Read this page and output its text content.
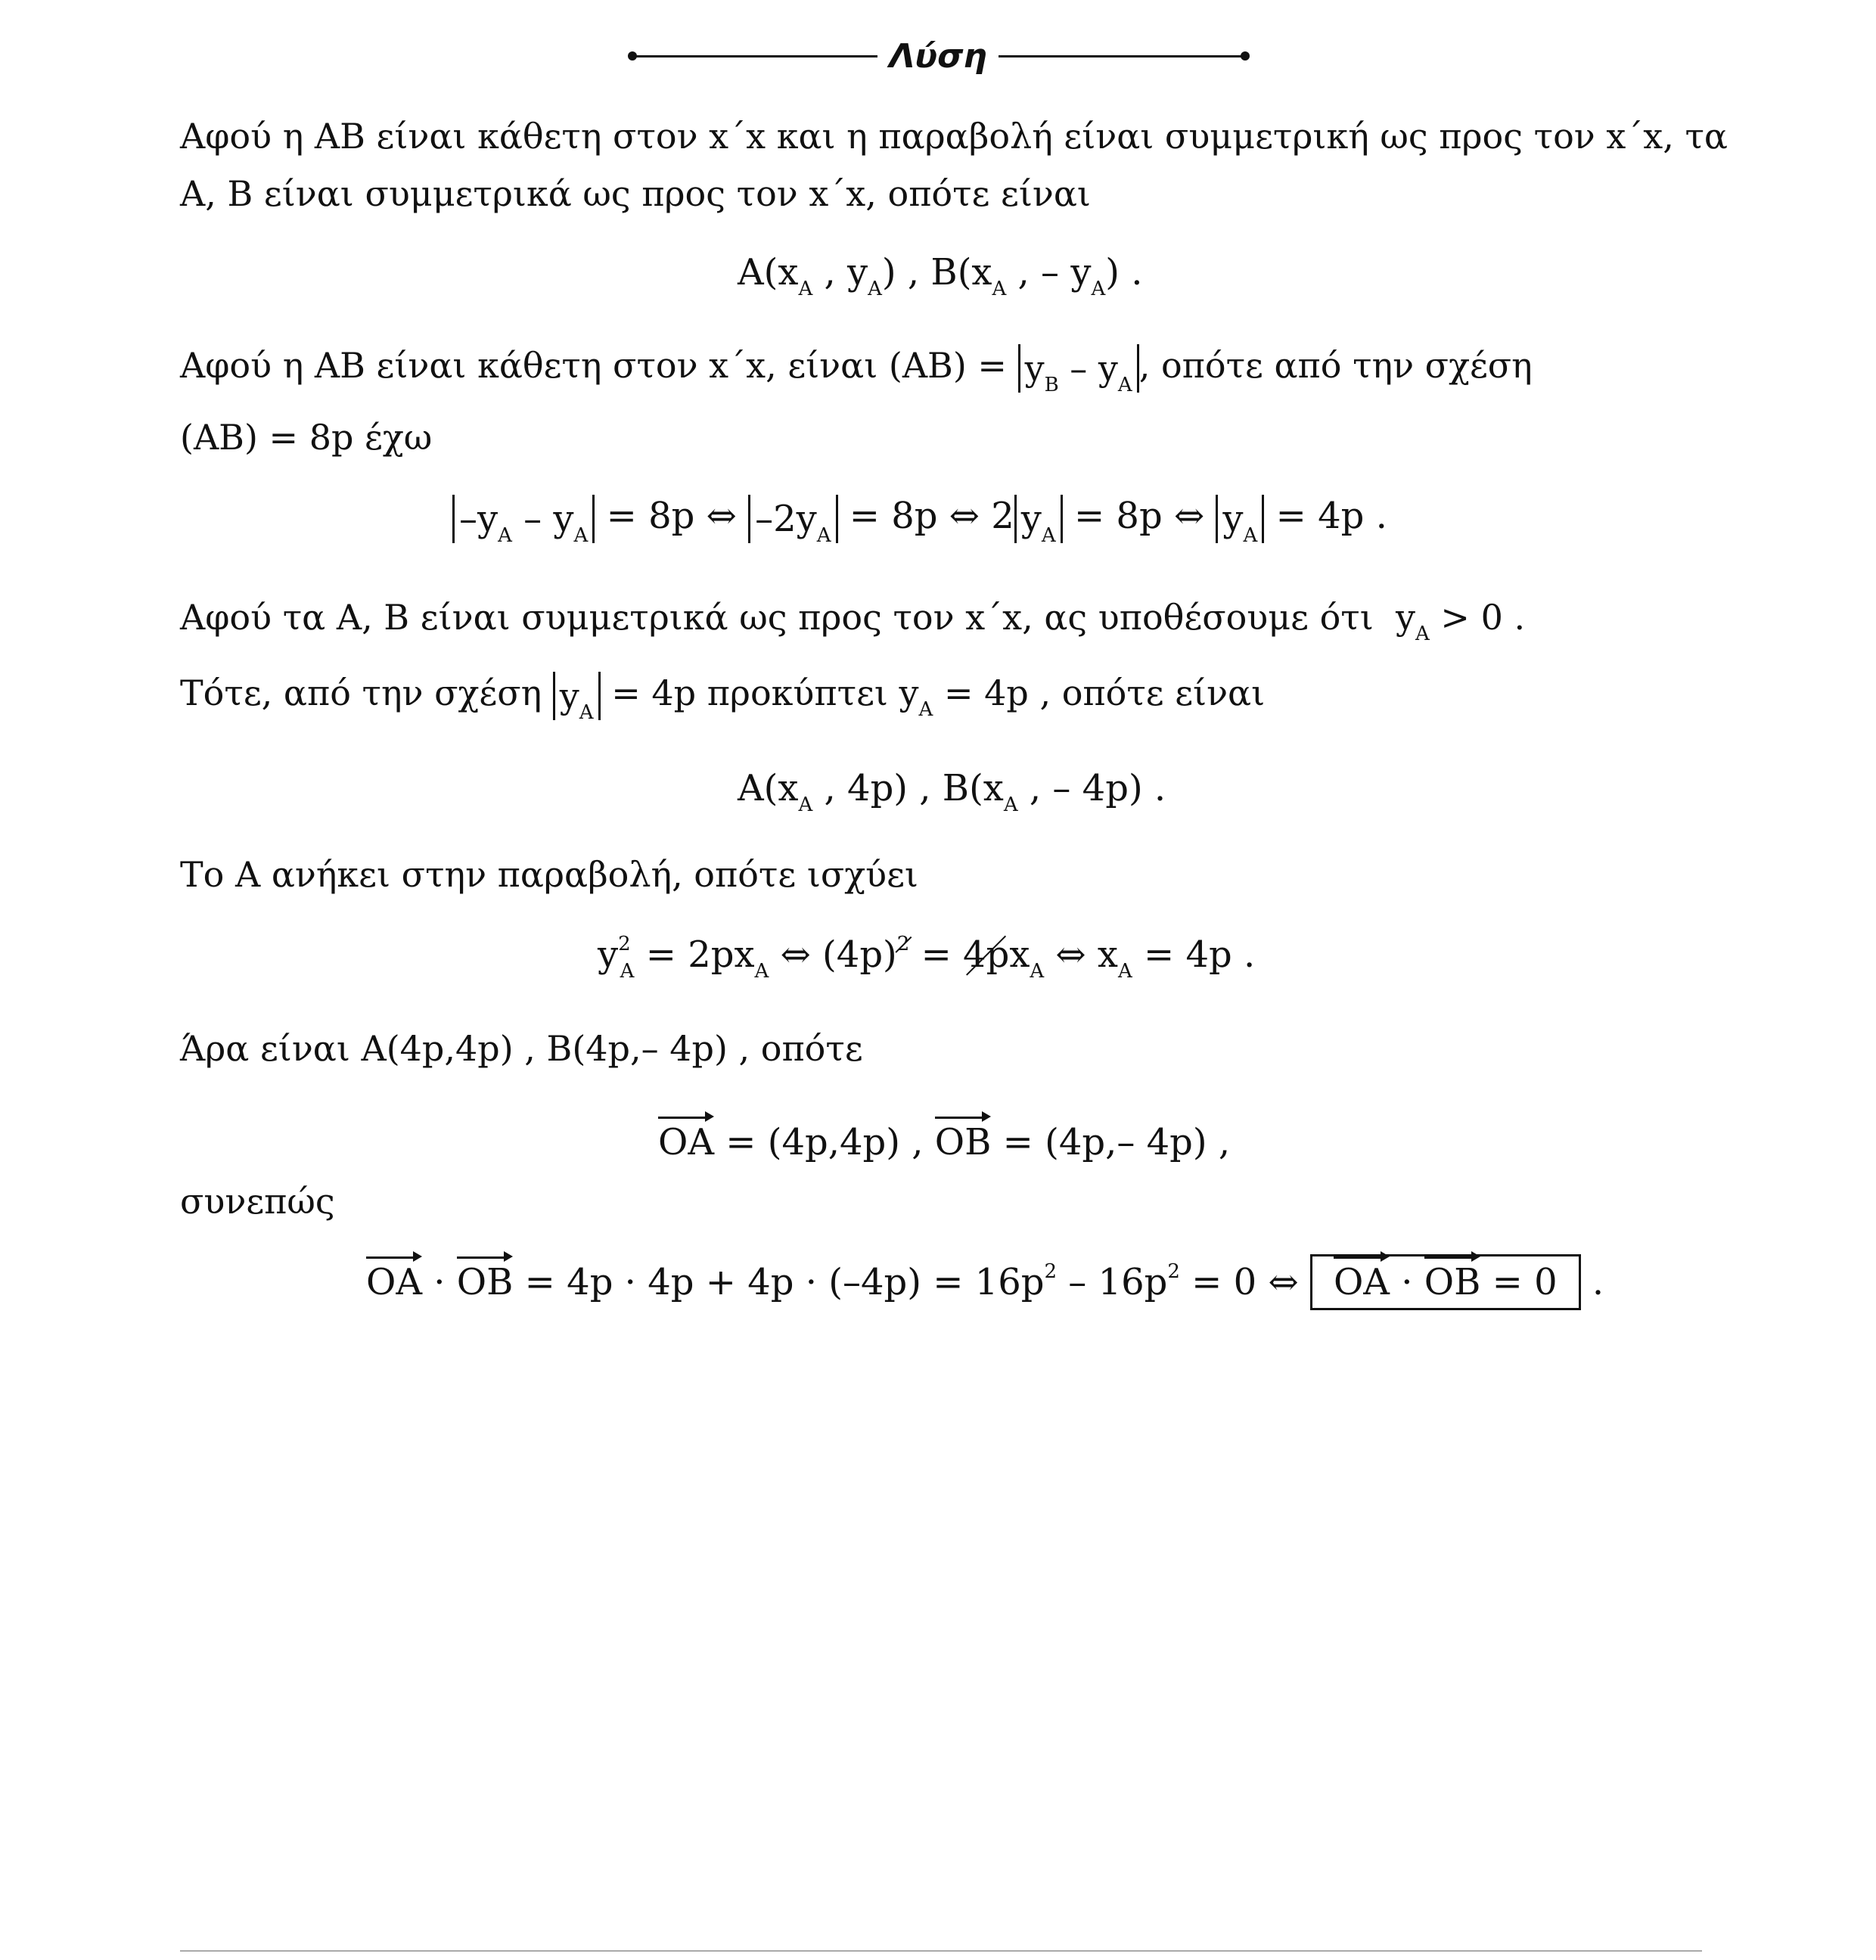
Λύση
Αφού η ΑΒ είναι κάθετη στον x΄x και η παραβολή είναι συμμετρική ως προς τον x΄x, τα
Α, Β είναι συμμετρικά ως προς τον x΄x, οπότε είναι
$A(x_A$ , $y_A$) , $B(x_A$ , – $y_A$) .
Αφού η ΑΒ είναι κάθετη στον x΄x, είναι $(AB) = y_B - y_A$ , οπότε από την σχέση
(AB) = 8p έχω
$-y_A - y_A = 8p$ ⇔ $-2y_A = 8p$ ⇔ 2 $y_A = 8p$ ⇔ $y_A = 4p$ .
Αφού τα Α, Β είναι συμμετρικά ως προς τον x΄x, ας υποθέσουμε ότι  $y_A > 0$ .
Τότε, από την σχέση $y_A = 4p$ προκύπτει $y_A = 4p$ , οπότε είναι
$A(x_A$ , 4p) , $B(x_A$ , – 4p) .
Το Α ανήκει στην παραβολή, οπότε ισχύει
$y^2_A = 2px_A$ ⇔ $(4p)2 = 4px_A$ ⇔ $x_A = 4p$ .
Άρα είναι A(4p,4p) , B(4p,– 4p) , οπότε
OA = (4p,4p) , OB = (4p,– 4p) ,
συνεπώς
OA · OB = $4p \cdot 4p + 4p \cdot (-4p) = 16p^2 - 16p^2 = 0$ ⇔ OA · OB = 0 .
